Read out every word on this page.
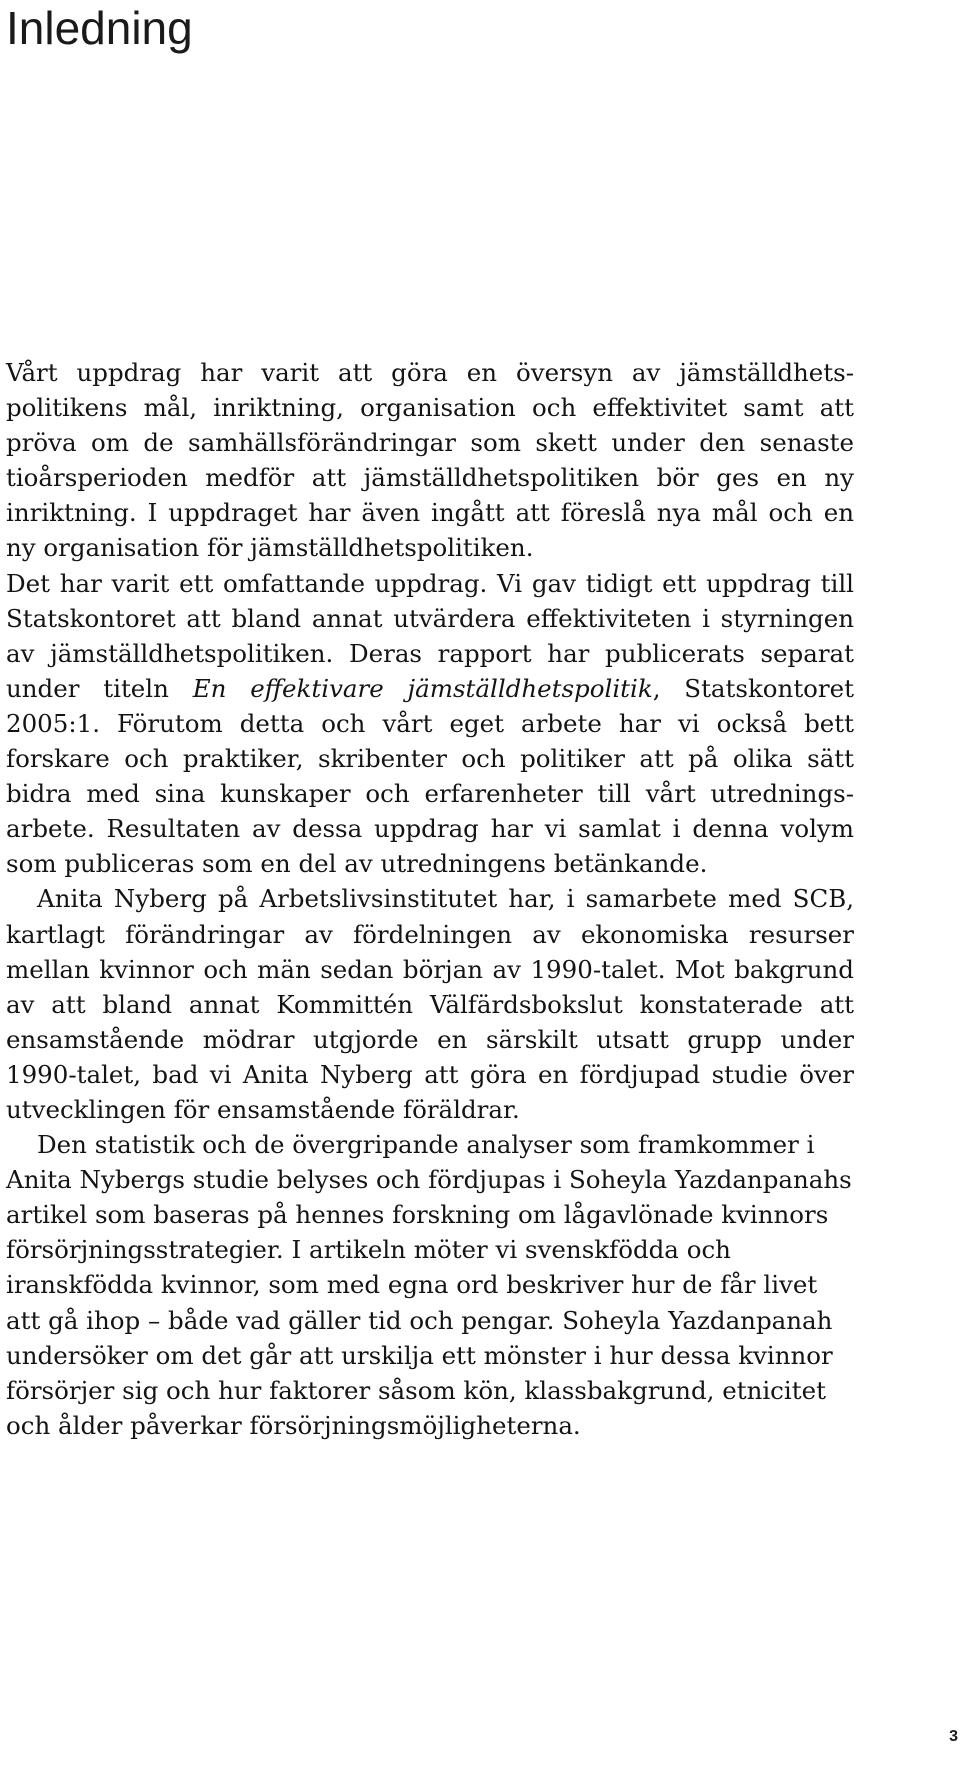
Inledning

Vårt uppdrag har varit att göra en översyn av jämställdhetspolitikens mål, inriktning, organisation och effektivitet samt att pröva om de samhällsförändringar som skett under den senaste tioårsperioden medför att jämställdhetspolitiken bör ges en ny inriktning. I uppdraget har även ingått att föreslå nya mål och en ny organisation för jämställdhetspolitiken.

Det har varit ett omfattande uppdrag. Vi gav tidigt ett uppdrag till Statskontoret att bland annat utvärdera effektiviteten i styrningen av jämställdhetspolitiken. Deras rapport har publicerats separat under titeln En effektivare jämställdhetspolitik, Statskontoret 2005:1. Förutom detta och vårt eget arbete har vi också bett forskare och praktiker, skribenter och politiker att på olika sätt bidra med sina kunskaper och erfarenheter till vårt utredningsarbete. Resultaten av dessa uppdrag har vi samlat i denna volym som publiceras som en del av utredningens betänkande.

Anita Nyberg på Arbetslivsinstitutet har, i samarbete med SCB, kartlagt förändringar av fördelningen av ekonomiska resurser mellan kvinnor och män sedan början av 1990-talet. Mot bakgrund av att bland annat Kommittén Välfärdsbokslut konstaterade att ensamstående mödrar utgjorde en särskilt utsatt grupp under 1990-talet, bad vi Anita Nyberg att göra en fördjupad studie över utvecklingen för ensamstående föräldrar.

Den statistik och de övergripande analyser som framkommer i Anita Nybergs studie belyses och fördjupas i Soheyla Yazdanpanahs artikel som baseras på hennes forskning om lågavlönade kvinnors försörjningsstrategier. I artikeln möter vi svenskfödda och iranskfödda kvinnor, som med egna ord beskriver hur de får livet att gå ihop – både vad gäller tid och pengar. Soheyla Yazdanpanah undersöker om det går att urskilja ett mönster i hur dessa kvinnor försörjer sig och hur faktorer såsom kön, klassbakgrund, etnicitet och ålder påverkar försörjningsmöjligheterna.

3
